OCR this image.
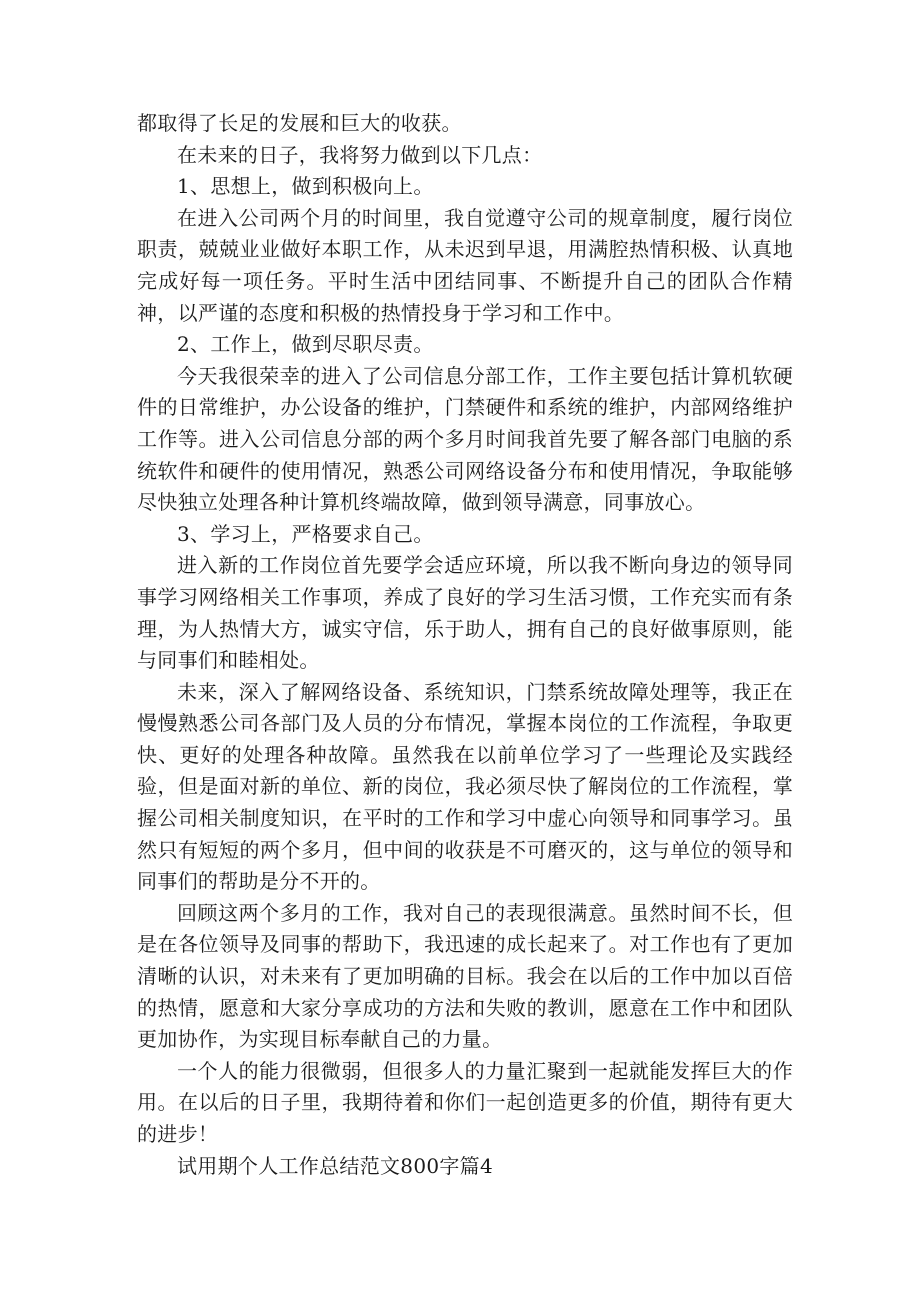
都取得了长足的发展和巨大的收获。

在未来的日子，我将努力做到以下几点：

1、思想上，做到积极向上。

在进入公司两个月的时间里，我自觉遵守公司的规章制度，履行岗位职责，兢兢业业做好本职工作，从未迟到早退，用满腔热情积极、认真地完成好每一项任务。平时生活中团结同事、不断提升自己的团队合作精神，以严谨的态度和积极的热情投身于学习和工作中。

2、工作上，做到尽职尽责。

今天我很荣幸的进入了公司信息分部工作，工作主要包括计算机软硬件的日常维护，办公设备的维护，门禁硬件和系统的维护，内部网络维护工作等。进入公司信息分部的两个多月时间我首先要了解各部门电脑的系统软件和硬件的使用情况，熟悉公司网络设备分布和使用情况，争取能够尽快独立处理各种计算机终端故障，做到领导满意，同事放心。

3、学习上，严格要求自己。

进入新的工作岗位首先要学会适应环境，所以我不断向身边的领导同事学习网络相关工作事项，养成了良好的学习生活习惯，工作充实而有条理，为人热情大方，诚实守信，乐于助人，拥有自己的良好做事原则，能与同事们和睦相处。

未来，深入了解网络设备、系统知识，门禁系统故障处理等，我正在慢慢熟悉公司各部门及人员的分布情况，掌握本岗位的工作流程，争取更快、更好的处理各种故障。虽然我在以前单位学习了一些理论及实践经验，但是面对新的单位、新的岗位，我必须尽快了解岗位的工作流程，掌握公司相关制度知识，在平时的工作和学习中虚心向领导和同事学习。虽然只有短短的两个多月，但中间的收获是不可磨灭的，这与单位的领导和同事们的帮助是分不开的。

回顾这两个多月的工作，我对自己的表现很满意。虽然时间不长，但是在各位领导及同事的帮助下，我迅速的成长起来了。对工作也有了更加清晰的认识，对未来有了更加明确的目标。我会在以后的工作中加以百倍的热情，愿意和大家分享成功的方法和失败的教训，愿意在工作中和团队更加协作，为实现目标奉献自己的力量。

一个人的能力很微弱，但很多人的力量汇聚到一起就能发挥巨大的作用。在以后的日子里，我期待着和你们一起创造更多的价值，期待有更大的进步！

试用期个人工作总结范文800字篇4
